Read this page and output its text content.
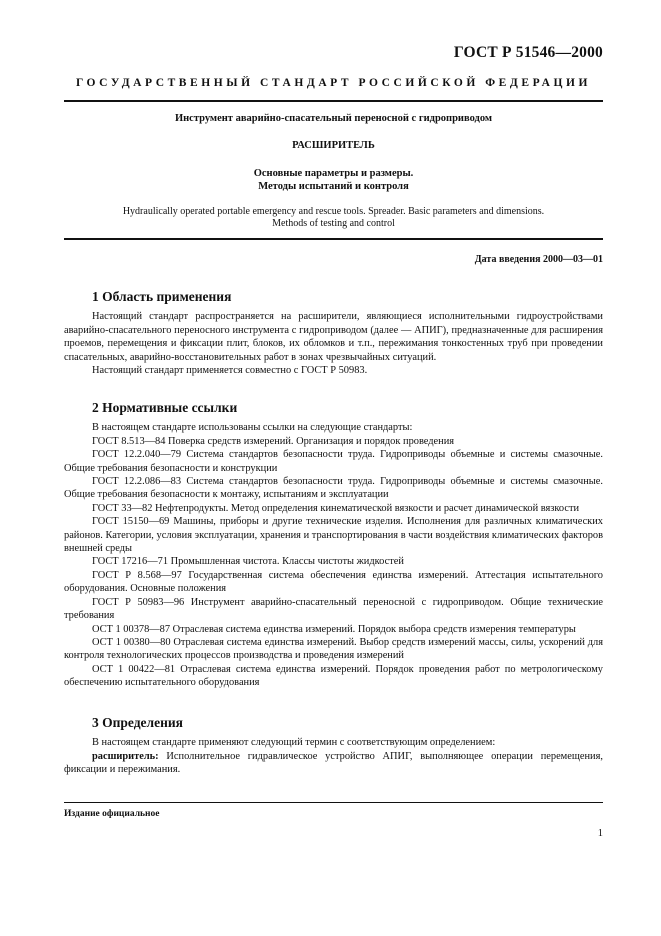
ГОСТ Р 51546—2000
ГОСУДАРСТВЕННЫЙ СТАНДАРТ РОССИЙСКОЙ ФЕДЕРАЦИИ
Инструмент аварийно-спасательный переносной с гидроприводом
РАСШИРИТЕЛЬ
Основные параметры и размеры.
Методы испытаний и контроля
Hydraulically operated portable emergency and rescue tools. Spreader. Basic parameters and dimensions.
Methods of testing and control
Дата введения 2000—03—01
1 Область применения

Настоящий стандарт распространяется на расширители, являющиеся исполнительными гидроустройствами аварийно-спасательного переносного инструмента с гидроприводом (далее — АПИГ), предназначенные для расширения проемов, перемещения и фиксации плит, блоков, их обломков и т.п., пережимания тонкостенных труб при проведении спасательных, аварийно-восстановительных работ в зонах чрезвычайных ситуаций.

Настоящий стандарт применяется совместно с ГОСТ Р 50983.

2 Нормативные ссылки

В настоящем стандарте использованы ссылки на следующие стандарты:

ГОСТ 8.513—84 Поверка средств измерений. Организация и порядок проведения

ГОСТ 12.2.040—79 Система стандартов безопасности труда. Гидроприводы объемные и системы смазочные. Общие требования безопасности и конструкции

ГОСТ 12.2.086—83 Система стандартов безопасности труда. Гидроприводы объемные и системы смазочные. Общие требования безопасности к монтажу, испытаниям и эксплуатации

ГОСТ 33—82 Нефтепродукты. Метод определения кинематической вязкости и расчет динамической вязкости

ГОСТ 15150—69 Машины, приборы и другие технические изделия. Исполнения для различных климатических районов. Категории, условия эксплуатации, хранения и транспортирования в части воздействия климатических факторов внешней среды

ГОСТ 17216—71 Промышленная чистота. Классы чистоты жидкостей

ГОСТ Р 8.568—97 Государственная система обеспечения единства измерений. Аттестация испытательного оборудования. Основные положения

ГОСТ Р 50983—96 Инструмент аварийно-спасательный переносной с гидроприводом. Общие технические требования

ОСТ 1 00378—87 Отраслевая система единства измерений. Порядок выбора средств измерения температуры

ОСТ 1 00380—80 Отраслевая система единства измерений. Выбор средств измерений массы, силы, ускорений для контроля технологических процессов производства и проведения измерений

ОСТ 1 00422—81 Отраслевая система единства измерений. Порядок проведения работ по метрологическому обеспечению испытательного оборудования

3 Определения

В настоящем стандарте применяют следующий термин с соответствующим определением:

расширитель: Исполнительное гидравлическое устройство АПИГ, выполняющее операции перемещения, фиксации и пережимания.

Издание официальное
1
